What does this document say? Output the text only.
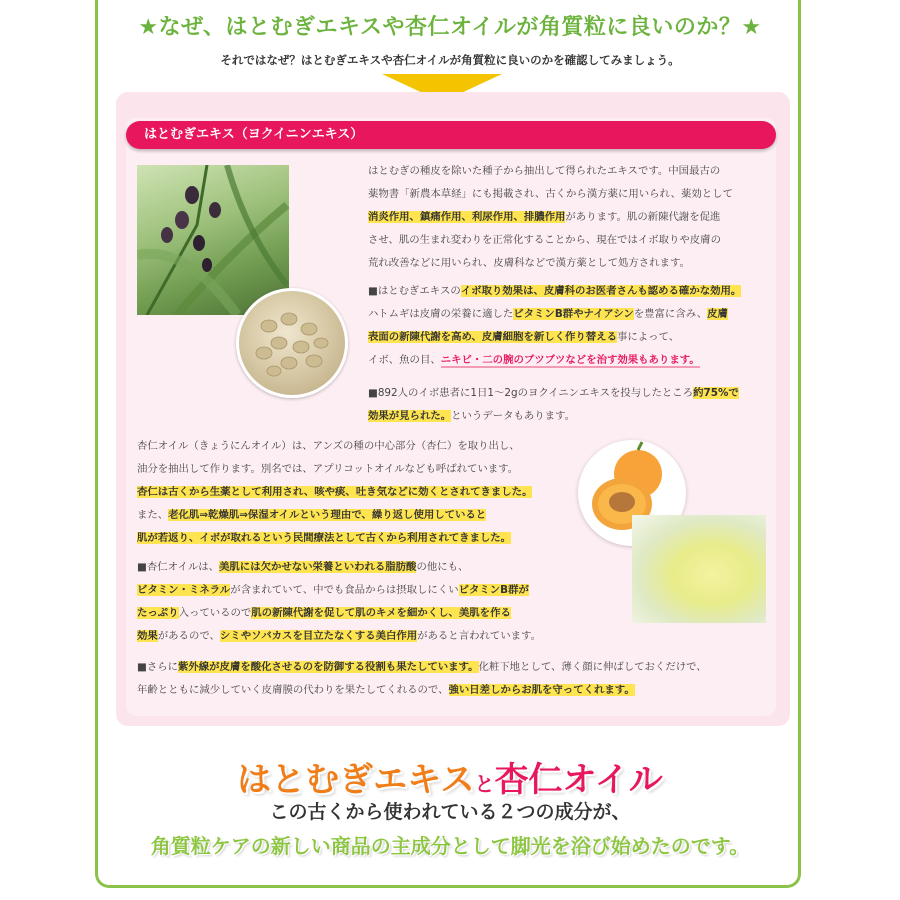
★なぜ、はとむぎエキスや杏仁オイルが角質粒に良いのか？★
それではなぜ？はとむぎエキスや杏仁オイルが角質粒に良いのかを確認してみましょう。
はとむぎエキス（ヨクイニンエキス）
はとむぎの種皮を除いた種子から抽出して得られたエキスです。中国最古の
薬物書「新農本草経」にも掲載され、古くから漢方薬に用いられ、薬効として
消炎作用、鎮痛作用、利尿作用、排膿作用があります。肌の新陳代謝を促進
させ、肌の生まれ変わりを正常化することから、現在ではイボ取りや皮膚の
荒れ改善などに用いられ、皮膚科などで漢方薬として処方されます。
■はとむぎエキスのイボ取り効果は、皮膚科のお医者さんも認める確かな効用。
ハトムギは皮膚の栄養に適したビタミンB群やナイアシンを豊富に含み、皮膚
表面の新陳代謝を高め、皮膚細胞を新しく作り替える事によって、
イボ、魚の目、ニキビ・二の腕のブツブツなどを治す効果もあります。
■892人のイボ患者に1日1～2gのヨクイニンエキスを投与したところ約75%で
効果が見られた。というデータもあります。
杏仁オイル（きょうにんオイル）は、アンズの種の中心部分（杏仁）を取り出し、
油分を抽出して作ります。別名では、アプリコットオイルなども呼ばれています。
杏仁は古くから生薬として利用され、咳や痰、吐き気などに効くとされてきました。
また、老化肌⇒乾燥肌⇒保湿オイルという理由で、繰り返し使用していると
肌が若返り、イボが取れるという民間療法として古くから利用されてきました。
■杏仁オイルは、美肌には欠かせない栄養といわれる脂肪酸の他にも、
ビタミン・ミネラルが含まれていて、中でも食品からは摂取しにくいビタミンB群が
たっぷり入っているので肌の新陳代謝を促して肌のキメを細かくし、美肌を作る
効果があるので、シミやソバカスを目立たなくする美白作用があると言われています。
■さらに紫外線が皮膚を酸化させるのを防御する役割も果たしています。化粧下地として、薄く顔に伸ばしておくだけで、
年齢とともに減少していく皮膚膜の代わりを果たしてくれるので、強い日差しからお肌を守ってくれます。
はとむぎエキスと杏仁オイル
この古くから使われている２つの成分が、
角質粒ケアの新しい商品の主成分として脚光を浴び始めたのです。
